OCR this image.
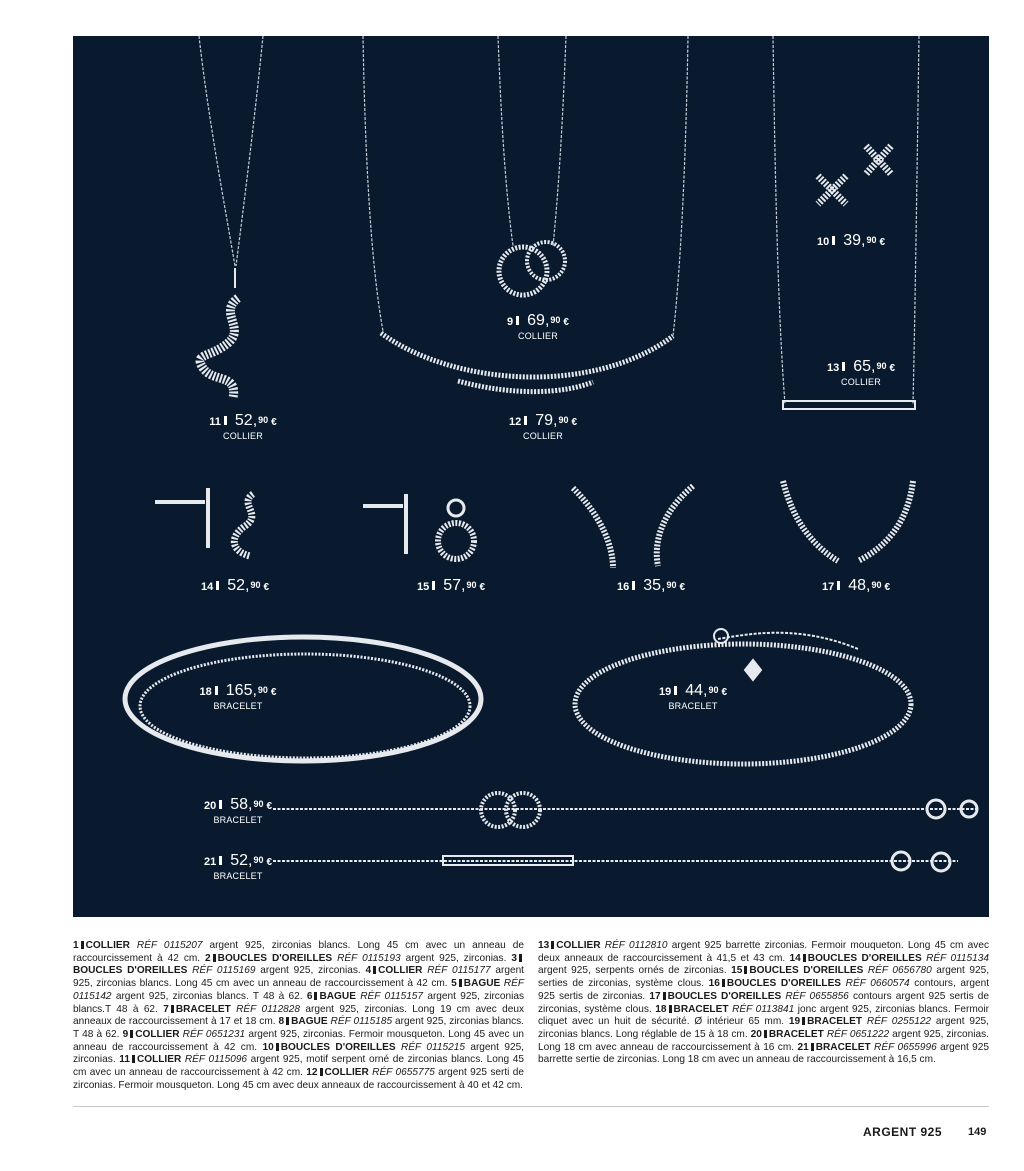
11 52, 90 €
COLLIER
9 69, 90 €
COLLIER
12 79, 90 €
COLLIER
10 39, 90 €
13 65, 90 €
COLLIER
14 52, 90 €	15 57, 90 €	16 35, 90 €	17 48, 90 €
18 165, 90 €
BRACELET
19 44, 90 €
BRACELET
20 58, 90 €
BRACELET
21 52, 90 €
BRACELET
1 COLLIER RÉF 0115207 argent 925, zirconias blancs. Long 45 cm avec un anneau de raccourcissement à 42 cm. 2 BOUCLES D'OREILLES RÉF 0115193 argent 925, zirconias. 3BOUCLES D'OREILLES RÉF 0115169 argent 925, zirconias. 4 COLLIER RÉF 0115177 argent 925, zirconias blancs. Long 45 cm avec un anneau de raccourcissement à 42 cm. 5 BAGUE RÉF 0115142 argent 925, zirconias blancs. T 48 à 62. 6 BAGUE RÉF 0115157 argent 925, zirconias blancs.T 48 à 62. 7 BRACELET RÉF 0112828 argent 925, zirconias. Long 19 cm avec deux anneaux de raccourcissement à 17 et 18 cm. 8 BAGUE RÉF 0115185 argent 925, zirconias blancs. T 48 à 62. 9 COLLIER RÉF 0651231 argent 925, zirconias. Fermoir mousqueton. Long 45 avec un anneau de raccourcissement à 42 cm. 10 BOUCLES D'OREILLES RÉF 0115215 argent 925, zirconias. 11 COLLIER RÉF 0115096 argent 925, motif serpent orné de zirconias blancs. Long 45 cm avec un anneau de raccourcissement à 42 cm. 12 COLLIER RÉF 0655775 argent 925 serti de zirconias. Fermoir mousqueton. Long 45 cm avec deux anneaux de raccourcissement à 40 et 42 cm.
13 COLLIER RÉF 0112810 argent 925 barrette zirconias. Fermoir mouqueton. Long 45 cm avec deux anneaux de raccourcissement à 41,5 et 43 cm. 14 BOUCLES D'OREILLES RÉF 0115134 argent 925, serpents ornés de zirconias. 15 BOUCLES D'OREILLES RÉF 0656780 argent 925, serties de zirconias, système clous. 16 BOUCLES D'OREILLES RÉF 0660574 contours, argent 925 sertis de zirconias. 17 BOUCLES D'OREILLES RÉF 0655856 contours argent 925 sertis de zirconias, système clous. 18 BRACELET RÉF 0113841 jonc argent 925, zirconias blancs. Fermoir cliquet avec un huit de sécurité. Ø intérieur 65 mm. 19 BRACELET RÉF 0255122 argent 925, zirconias blancs. Long réglable de 15 à 18 cm. 20 BRACELET RÉF 0651222 argent 925, zirconias. Long 18 cm avec anneau de raccourcissement à 16 cm. 21 BRACELET RÉF 0655996 argent 925 barrette sertie de zirconias. Long 18 cm avec un anneau de raccourcissement à 16,5 cm.
ARGENT 925 149
